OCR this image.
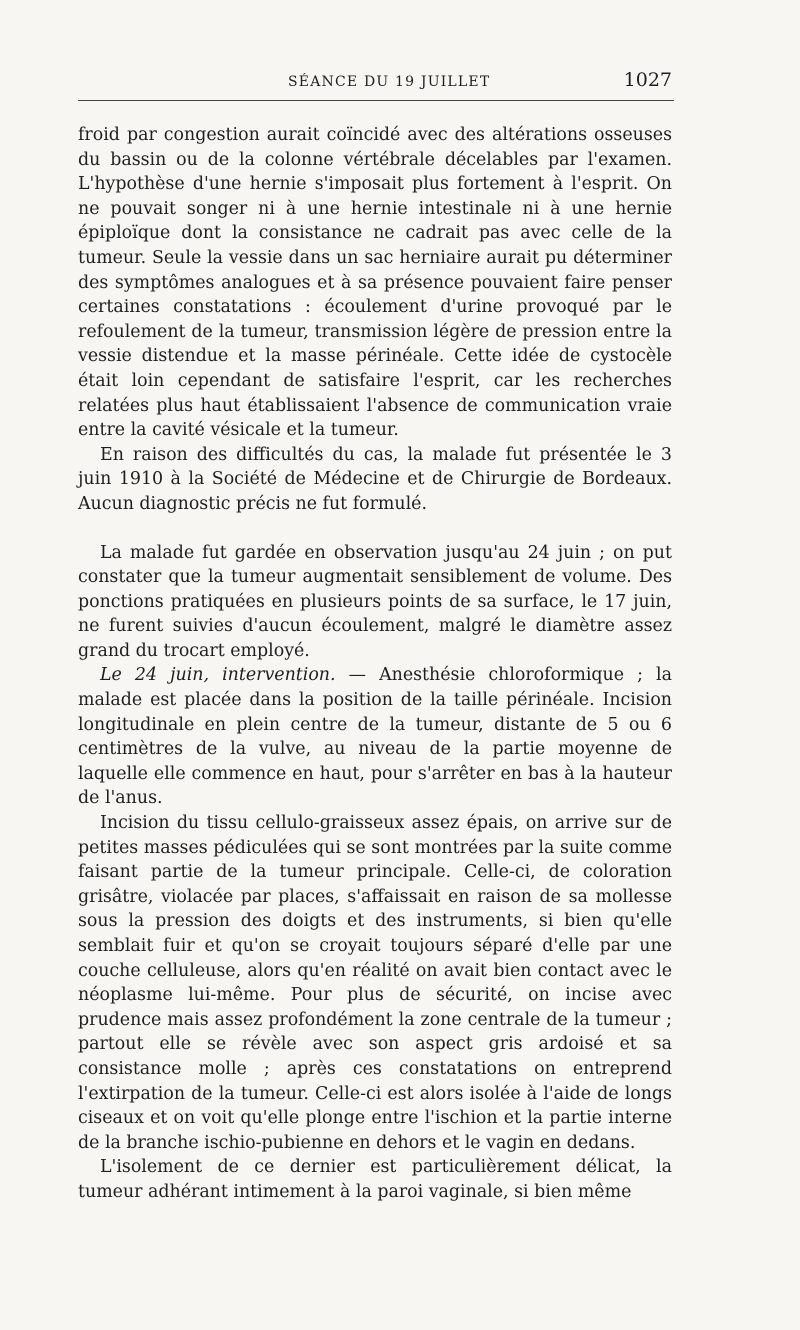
SÉANCE DU 19 JUILLET	1027

froid par congestion aurait coïncidé avec des altérations osseuses du bassin ou de la colonne vértébrale décelables par l'examen. L'hypothèse d'une hernie s'imposait plus fortement à l'esprit. On ne pouvait songer ni à une hernie intestinale ni à une hernie épiploïque dont la consistance ne cadrait pas avec celle de la tumeur. Seule la vessie dans un sac herniaire aurait pu déterminer des symptômes analogues et à sa présence pouvaient faire penser certaines constatations : écoulement d'urine provoqué par le refoulement de la tumeur, transmission légère de pression entre la vessie distendue et la masse périnéale. Cette idée de cystocèle était loin cependant de satisfaire l'esprit, car les recherches relatées plus haut établissaient l'absence de communication vraie entre la cavité vésicale et la tumeur.

En raison des difficultés du cas, la malade fut présentée le 3 juin 1910 à la Société de Médecine et de Chirurgie de Bordeaux. Aucun diagnostic précis ne fut formulé.

La malade fut gardée en observation jusqu'au 24 juin ; on put constater que la tumeur augmentait sensiblement de volume. Des ponctions pratiquées en plusieurs points de sa surface, le 17 juin, ne furent suivies d'aucun écoulement, malgré le diamètre assez grand du trocart employé.

Le 24 juin, intervention. — Anesthésie chloroformique ; la malade est placée dans la position de la taille périnéale. Incision longitudinale en plein centre de la tumeur, distante de 5 ou 6 centimètres de la vulve, au niveau de la partie moyenne de laquelle elle commence en haut, pour s'arrêter en bas à la hauteur de l'anus.

Incision du tissu cellulo-graisseux assez épais, on arrive sur de petites masses pédiculées qui se sont montrées par la suite comme faisant partie de la tumeur principale. Celle-ci, de coloration grisâtre, violacée par places, s'affaissait en raison de sa mollesse sous la pression des doigts et des instruments, si bien qu'elle semblait fuir et qu'on se croyait toujours séparé d'elle par une couche celluleuse, alors qu'en réalité on avait bien contact avec le néoplasme lui-même. Pour plus de sécurité, on incise avec prudence mais assez profondément la zone centrale de la tumeur ; partout elle se révèle avec son aspect gris ardoisé et sa consistance molle ; après ces constatations on entreprend l'extirpation de la tumeur. Celle-ci est alors isolée à l'aide de longs ciseaux et on voit qu'elle plonge entre l'ischion et la partie interne de la branche ischio-pubienne en dehors et le vagin en dedans.

L'isolement de ce dernier est particulièrement délicat, la tumeur adhérant intimement à la paroi vaginale, si bien même
